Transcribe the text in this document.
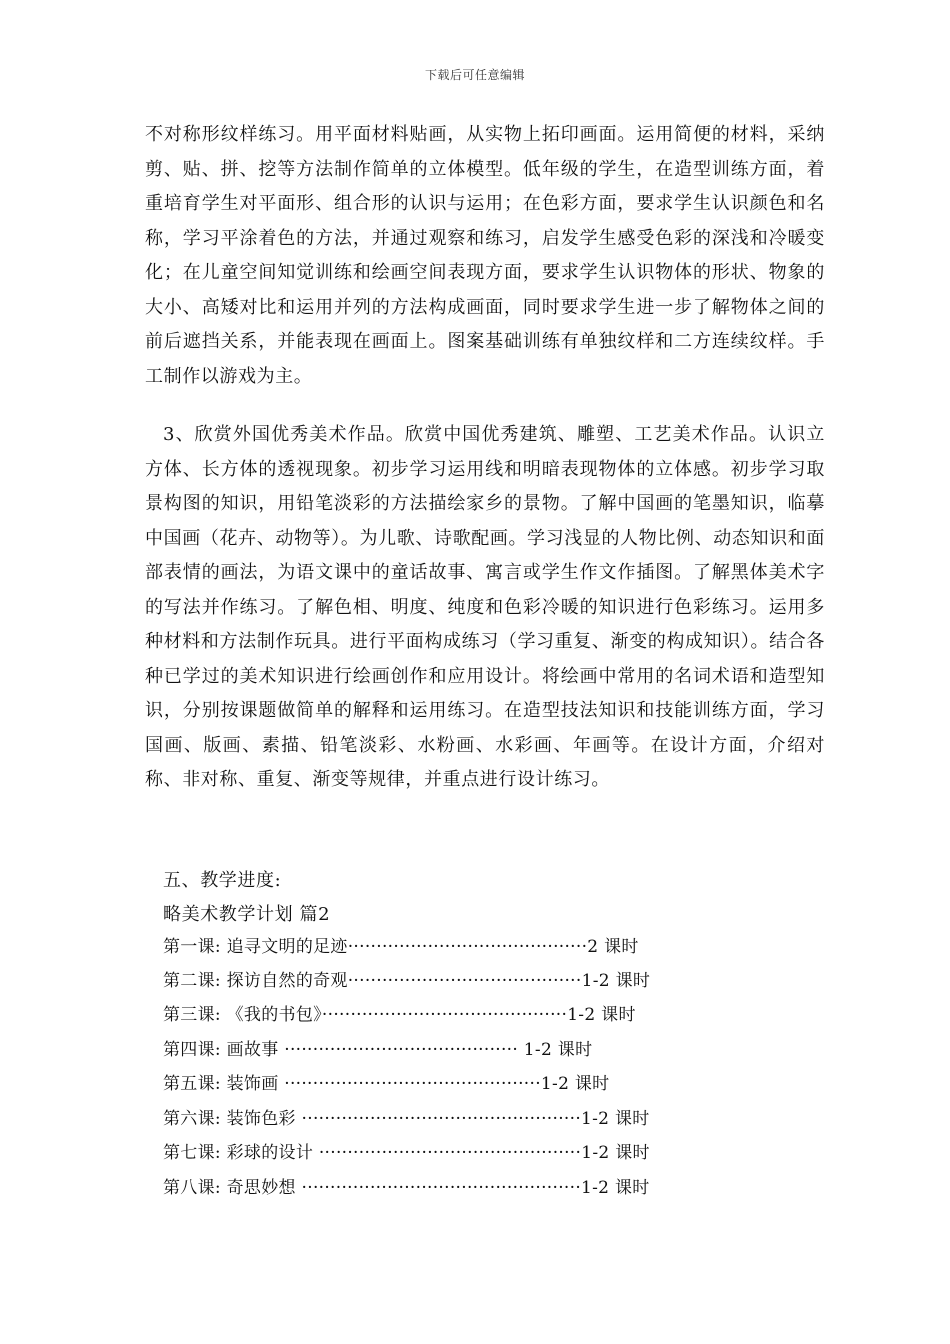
下载后可任意编辑
不对称形纹样练习。用平面材料贴画，从实物上拓印画面。运用简便的材料，采纳剪、贴、拼、挖等方法制作简单的立体模型。低年级的学生，在造型训练方面，着重培育学生对平面形、组合形的认识与运用；在色彩方面，要求学生认识颜色和名称，学习平涂着色的方法，并通过观察和练习，启发学生感受色彩的深浅和冷暖变化；在儿童空间知觉训练和绘画空间表现方面，要求学生认识物体的形状、物象的大小、高矮对比和运用并列的方法构成画面，同时要求学生进一步了解物体之间的前后遮挡关系，并能表现在画面上。图案基础训练有单独纹样和二方连续纹样。手工制作以游戏为主。
3、欣赏外国优秀美术作品。欣赏中国优秀建筑、雕塑、工艺美术作品。认识立方体、长方体的透视现象。初步学习运用线和明暗表现物体的立体感。初步学习取景构图的知识，用铅笔淡彩的方法描绘家乡的景物。了解中国画的笔墨知识，临摹中国画（花卉、动物等）。为儿歌、诗歌配画。学习浅显的人物比例、动态知识和面部表情的画法，为语文课中的童话故事、寓言或学生作文作插图。了解黑体美术字的写法并作练习。了解色相、明度、纯度和色彩冷暖的知识进行色彩练习。运用多种材料和方法制作玩具。进行平面构成练习（学习重复、渐变的构成知识）。结合各种已学过的美术知识进行绘画创作和应用设计。将绘画中常用的名词术语和造型知识，分别按课题做简单的解释和运用练习。在造型技法知识和技能训练方面，学习国画、版画、素描、铅笔淡彩、水粉画、水彩画、年画等。在设计方面，介绍对称、非对称、重复、渐变等规律，并重点进行设计练习。
五、教学进度:
略美术教学计划 篇2
第一课: 追寻文明的足迹··········································2 课时
第二课: 探访自然的奇观·········································1-2 课时
第三课: 《我的书包》···········································1-2 课时
第四课: 画故事 ········································· 1-2 课时
第五课: 装饰画 ·············································1-2 课时
第六课: 装饰色彩 ·················································1-2 课时
第七课: 彩球的设计 ··············································1-2 课时
第八课: 奇思妙想 ·················································1-2 课时
